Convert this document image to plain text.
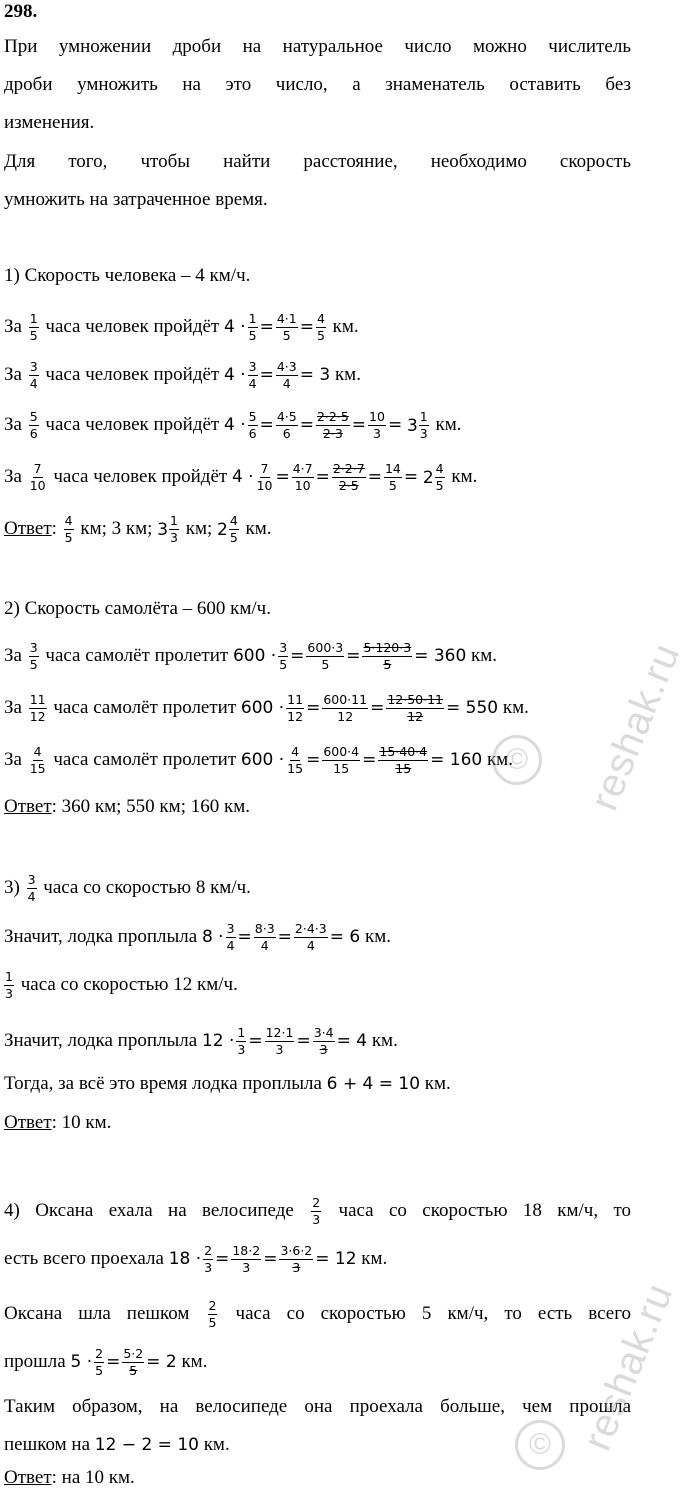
298.
При умножении дроби на натуральное число можно числитель
дроби умножить на это число, а знаменатель оставить без
изменения.
Для того, чтобы найти расстояние, необходимо скорость
умножить на затраченное время.
1) Скорость человека – 4 км/ч.
За $\frac{1}{5}$ часа человек пройдёт $4 \cdot \frac{1}{5} = \frac{4\cdot 1}{5} = \frac{4}{5}$ км.
За $\frac{3}{4}$ часа человек пройдёт $4 \cdot \frac{3}{4} = \frac{4\cdot 3}{4} = 3$ км.
За $\frac{5}{6}$ часа человек пройдёт $4 \cdot \frac{5}{6} = \frac{4\cdot 5}{6} = \frac{2\cdot 2\cdot 5}{2\cdot 3} = \frac{10}{3} = 3 \frac{1}{3}$ км.
За $\frac{7}{10}$ часа человек пройдёт $4 \cdot \frac{7}{10} = \frac{4\cdot 7}{10} = \frac{2\cdot 2\cdot 7}{2\cdot 5} = \frac{14}{5} = 2 \frac{4}{5}$ км.
Ответ: $\frac{4}{5}$ км; 3 км; $3 \frac{1}{3}$ км; $2 \frac{4}{5}$ км.
2) Скорость самолёта – 600 км/ч.
За $\frac{3}{5}$ часа самолёт пролетит $600 \cdot \frac{3}{5} = \frac{600\cdot 3}{5} = \frac{5\cdot 120\cdot 3}{5} = 360$ км.
За $\frac{11}{12}$ часа самолёт пролетит $600 \cdot \frac{11}{12} = \frac{600\cdot 11}{12} = \frac{12\cdot 50\cdot 11}{12} = 550$ км.
За $\frac{4}{15}$ часа самолёт пролетит $600 \cdot \frac{4}{15} = \frac{600\cdot 4}{15} = \frac{15\cdot 40\cdot 4}{15} = 160$ км.
Ответ: 360 км; 550 км; 160 км.
$3) \frac{3}{4}$ часа со скоростью 8 км/ч.
Значит, лодка проплыла $8 \cdot \frac{3}{4} = \frac{8\cdot 3}{4} = \frac{2\cdot 4\cdot 3}{4} = 6$ км.
$\frac{1}{3}$ часа со скоростью 12 км/ч.
Значит, лодка проплыла $12 \cdot \frac{1}{3} = \frac{12\cdot 1}{3} = \frac{3\cdot 4}{3} = 4$ км.
Тогда, за всё это время лодка проплыла 6 + 4 = 10 км.
Ответ: 10 км.
4) Оксана ехала на велосипеде $\frac{2}{3}$ часа со скоростью 18 км/ч, то
есть всего проехала $18 \cdot \frac{2}{3} = \frac{18\cdot 2}{3} = \frac{3\cdot 6\cdot 2}{3} = 12$ км.
Оксана шла пешком $\frac{2}{5}$ часа со скоростью 5 км/ч, то есть всего
прошла $5 \cdot \frac{2}{5} = \frac{5\cdot 2}{5} = 2$ км.
Таким образом, на велосипеде она проехала больше, чем прошла
пешком на 12 − 2 = 10 км.
Ответ: на 10 км.
©	reshak.ru
© reshak.ru
